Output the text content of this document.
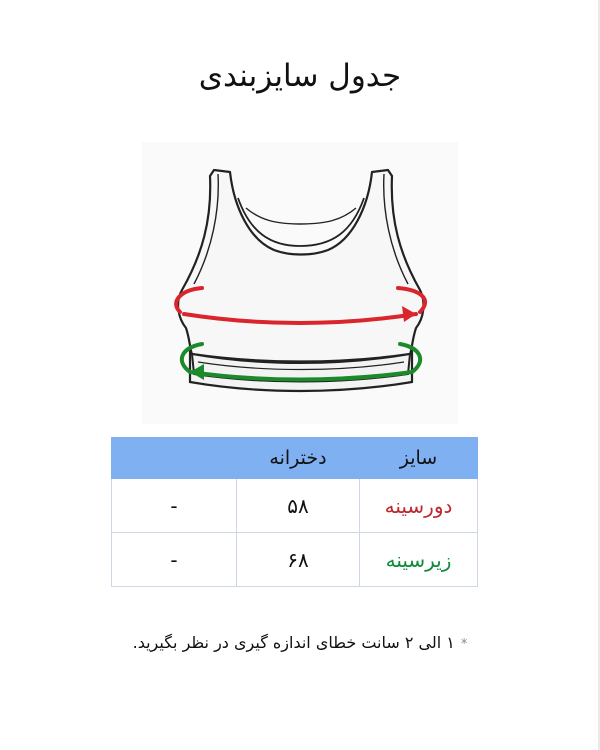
جدول سایزبندی
سایز	دخترانه	
دورسینه	۵۸	-
زیرسینه	۶۸	-
*۱ الی ۲ سانت خطای اندازه گیری در نظر بگیرید.
